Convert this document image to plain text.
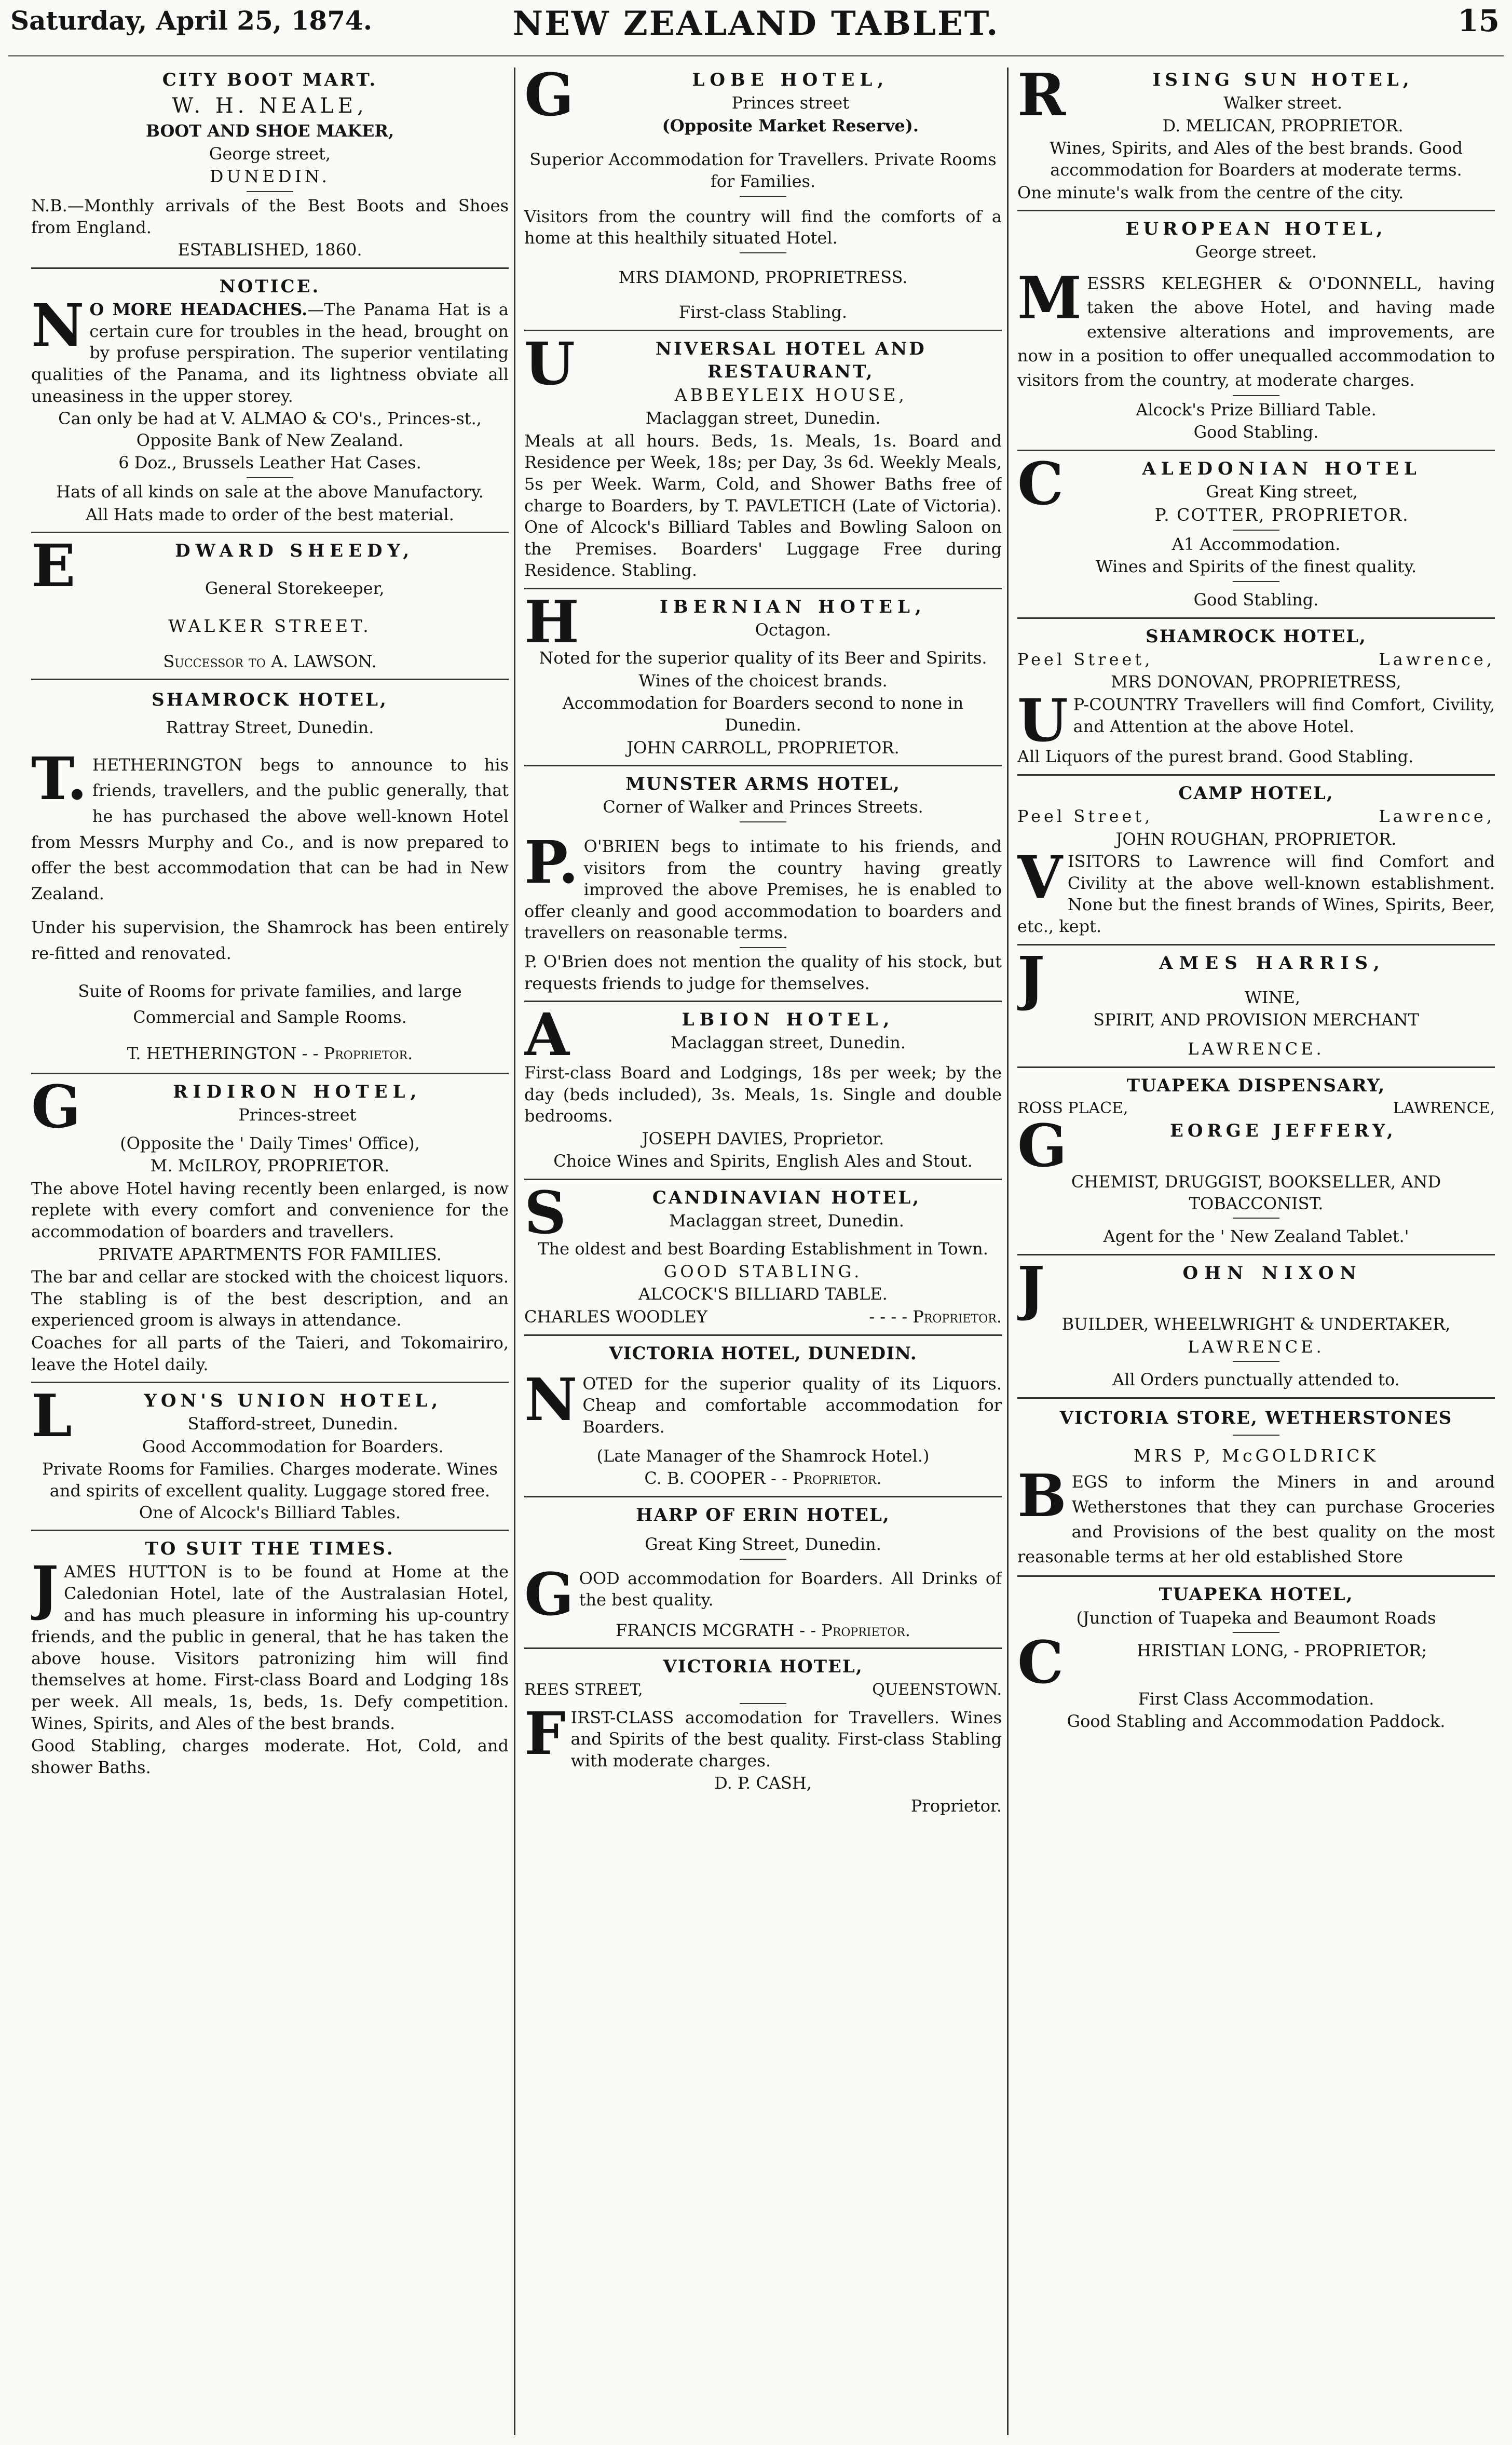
Saturday, April 25, 1874.	NEW ZEALAND TABLET.	15

CITY BOOT MART.

W. H. NEALE,

BOOT AND SHOE MAKER,

George street,

DUNEDIN.

N.B.—Monthly arrivals of the Best Boots and Shoes from England.

ESTABLISHED, 1860.

NOTICE.

N O MORE HEADACHES.—The Panama Hat is a certain cure for troubles in the head, brought on by profuse perspiration. The superior ventilating qualities of the Panama, and its lightness obviate all uneasiness in the upper storey.

Can only be had at V. ALMAO & CO's., Princes-st., Opposite Bank of New Zealand.

6 Doz., Brussels Leather Hat Cases.

Hats of all kinds on sale at the above Manufactory.

All Hats made to order of the best material.

E	DWARD SHEEDY,

General Storekeeper,

WALKER STREET.

Successor to A. LAWSON.

SHAMROCK HOTEL,

Rattray Street, Dunedin.

T. HETHERINGTON begs to announce to his friends, travellers, and the public generally, that he has purchased the above well-known Hotel from Messrs Murphy and Co., and is now prepared to offer the best accommodation that can be had in New Zealand.

Under his supervision, the Shamrock has been entirely re-fitted and renovated.

Suite of Rooms for private families, and large Commercial and Sample Rooms.

T. HETHERINGTON - - Proprietor.

G	RIDIRON HOTEL,

Princes-street

(Opposite the ' Daily Times' Office),

M. McILROY, PROPRIETOR.

The above Hotel having recently been enlarged, is now replete with every comfort and convenience for the accommodation of boarders and travellers.

PRIVATE APARTMENTS FOR FAMILIES.

The bar and cellar are stocked with the choicest liquors. The stabling is of the best description, and an experienced groom is always in attendance.

Coaches for all parts of the Taieri, and Tokomairiro, leave the Hotel daily.

L	YON'S UNION HOTEL,

Stafford-street, Dunedin.

Good Accommodation for Boarders.

Private Rooms for Families. Charges moderate. Wines and spirits of excellent quality. Luggage stored free. One of Alcock's Billiard Tables.

TO SUIT THE TIMES.

JAMES HUTTON is to be found at Home at the Caledonian Hotel, late of the Australasian Hotel, and has much pleasure in informing his up-country friends, and the public in general, that he has taken the above house. Visitors patronizing him will find themselves at home. First-class Board and Lodging 18s per week. All meals, 1s, beds, 1s. Defy competition. Wines, Spirits, and Ales of the best brands.

Good Stabling, charges moderate. Hot, Cold, and shower Baths.

G	LOBE HOTEL,

Princes street

(Opposite Market Reserve).

Superior Accommodation for Travellers. Private Rooms for Families.

Visitors from the country will find the comforts of a home at this healthily situated Hotel.

MRS DIAMOND, PROPRIETRESS.

First-class Stabling.

U	NIVERSAL HOTEL AND RESTAURANT,

ABBEYLEIX HOUSE,

Maclaggan street, Dunedin.

Meals at all hours. Beds, 1s. Meals, 1s. Board and Residence per Week, 18s; per Day, 3s 6d. Weekly Meals, 5s per Week. Warm, Cold, and Shower Baths free of charge to Boarders, by T. PAVLETICH (Late of Victoria). One of Alcock's Billiard Tables and Bowling Saloon on the Premises. Boarders' Luggage Free during Residence. Stabling.

H	IBERNIAN HOTEL,

Octagon.

Noted for the superior quality of its Beer and Spirits.

Wines of the choicest brands.

Accommodation for Boarders second to none in Dunedin.

JOHN CARROLL, PROPRIETOR.

MUNSTER ARMS HOTEL,

Corner of Walker and Princes Streets.

P. O'BRIEN begs to intimate to his friends, and visitors from the country having greatly improved the above Premises, he is enabled to offer cleanly and good accommodation to boarders and travellers on reasonable terms.

P. O'Brien does not mention the quality of his stock, but requests friends to judge for themselves.

A	LBION HOTEL,

Maclaggan street, Dunedin.

First-class Board and Lodgings, 18s per week; by the day (beds included), 3s. Meals, 1s. Single and double bedrooms.

JOSEPH DAVIES, Proprietor.

Choice Wines and Spirits, English Ales and Stout.

S	CANDINAVIAN HOTEL,

Maclaggan street, Dunedin.

The oldest and best Boarding Establishment in Town.

GOOD STABLING.

ALCOCK'S BILLIARD TABLE.

CHARLES WOODLEY	- - - - Proprietor.

VICTORIA HOTEL, DUNEDIN.

NOTED for the superior quality of its Liquors. Cheap and comfortable accommodation for Boarders.

(Late Manager of the Shamrock Hotel.)

C. B. COOPER - - Proprietor.

HARP OF ERIN HOTEL,

Great King Street, Dunedin.

GOOD accommodation for Boarders. All Drinks of the best quality.

FRANCIS MCGRATH - - Proprietor.

VICTORIA HOTEL,

REES STREET,	QUEENSTOWN.

FIRST-CLASS accomodation for Travellers. Wines and Spirits of the best quality. First-class Stabling with moderate charges.

D. P. CASH,

Proprietor.

R	ISING SUN HOTEL,

Walker street.

D. MELICAN, PROPRIETOR.

Wines, Spirits, and Ales of the best brands. Good accommodation for Boarders at moderate terms.

One minute's walk from the centre of the city.

EUROPEAN HOTEL,

George street.

MESSRS KELEGHER & O'DONNELL, having taken the above Hotel, and having made extensive alterations and improvements, are now in a position to offer unequalled accommodation to visitors from the country, at moderate charges.

Alcock's Prize Billiard Table.

Good Stabling.

C	ALEDONIAN HOTEL

Great King street,

P. COTTER, PROPRIETOR.

A1 Accommodation.

Wines and Spirits of the finest quality.

Good Stabling.

SHAMROCK HOTEL,

Peel Street,	Lawrence,

MRS DONOVAN, PROPRIETRESS,

U P-COUNTRY Travellers will find Comfort, Civility, and Attention at the above Hotel.

All Liquors of the purest brand. Good Stabling.

CAMP HOTEL,

Peel Street,	Lawrence,

JOHN ROUGHAN, PROPRIETOR.

VISITORS to Lawrence will find Comfort and Civility at the above well-known establishment. None but the finest brands of Wines, Spirits, Beer, etc., kept.

J	AMES HARRIS,

WINE,

SPIRIT, AND PROVISION MERCHANT

LAWRENCE.

TUAPEKA DISPENSARY,

ROSS PLACE,	LAWRENCE,

G	EORGE JEFFERY,

CHEMIST, DRUGGIST, BOOKSELLER, AND TOBACCONIST.

Agent for the ' New Zealand Tablet.'

J	OHN NIXON

BUILDER, WHEELWRIGHT & UNDERTAKER,

LAWRENCE.

All Orders punctually attended to.

VICTORIA STORE, WETHERSTONES

MRS P, McGOLDRICK

BEGS to inform the Miners in and around Wetherstones that they can purchase Groceries and Provisions of the best quality on the most reasonable terms at her old established Store

TUAPEKA HOTEL,

(Junction of Tuapeka and Beaumont Roads

C	HRISTIAN LONG, - PROPRIETOR;

First Class Accommodation.

Good Stabling and Accommodation Paddock.
